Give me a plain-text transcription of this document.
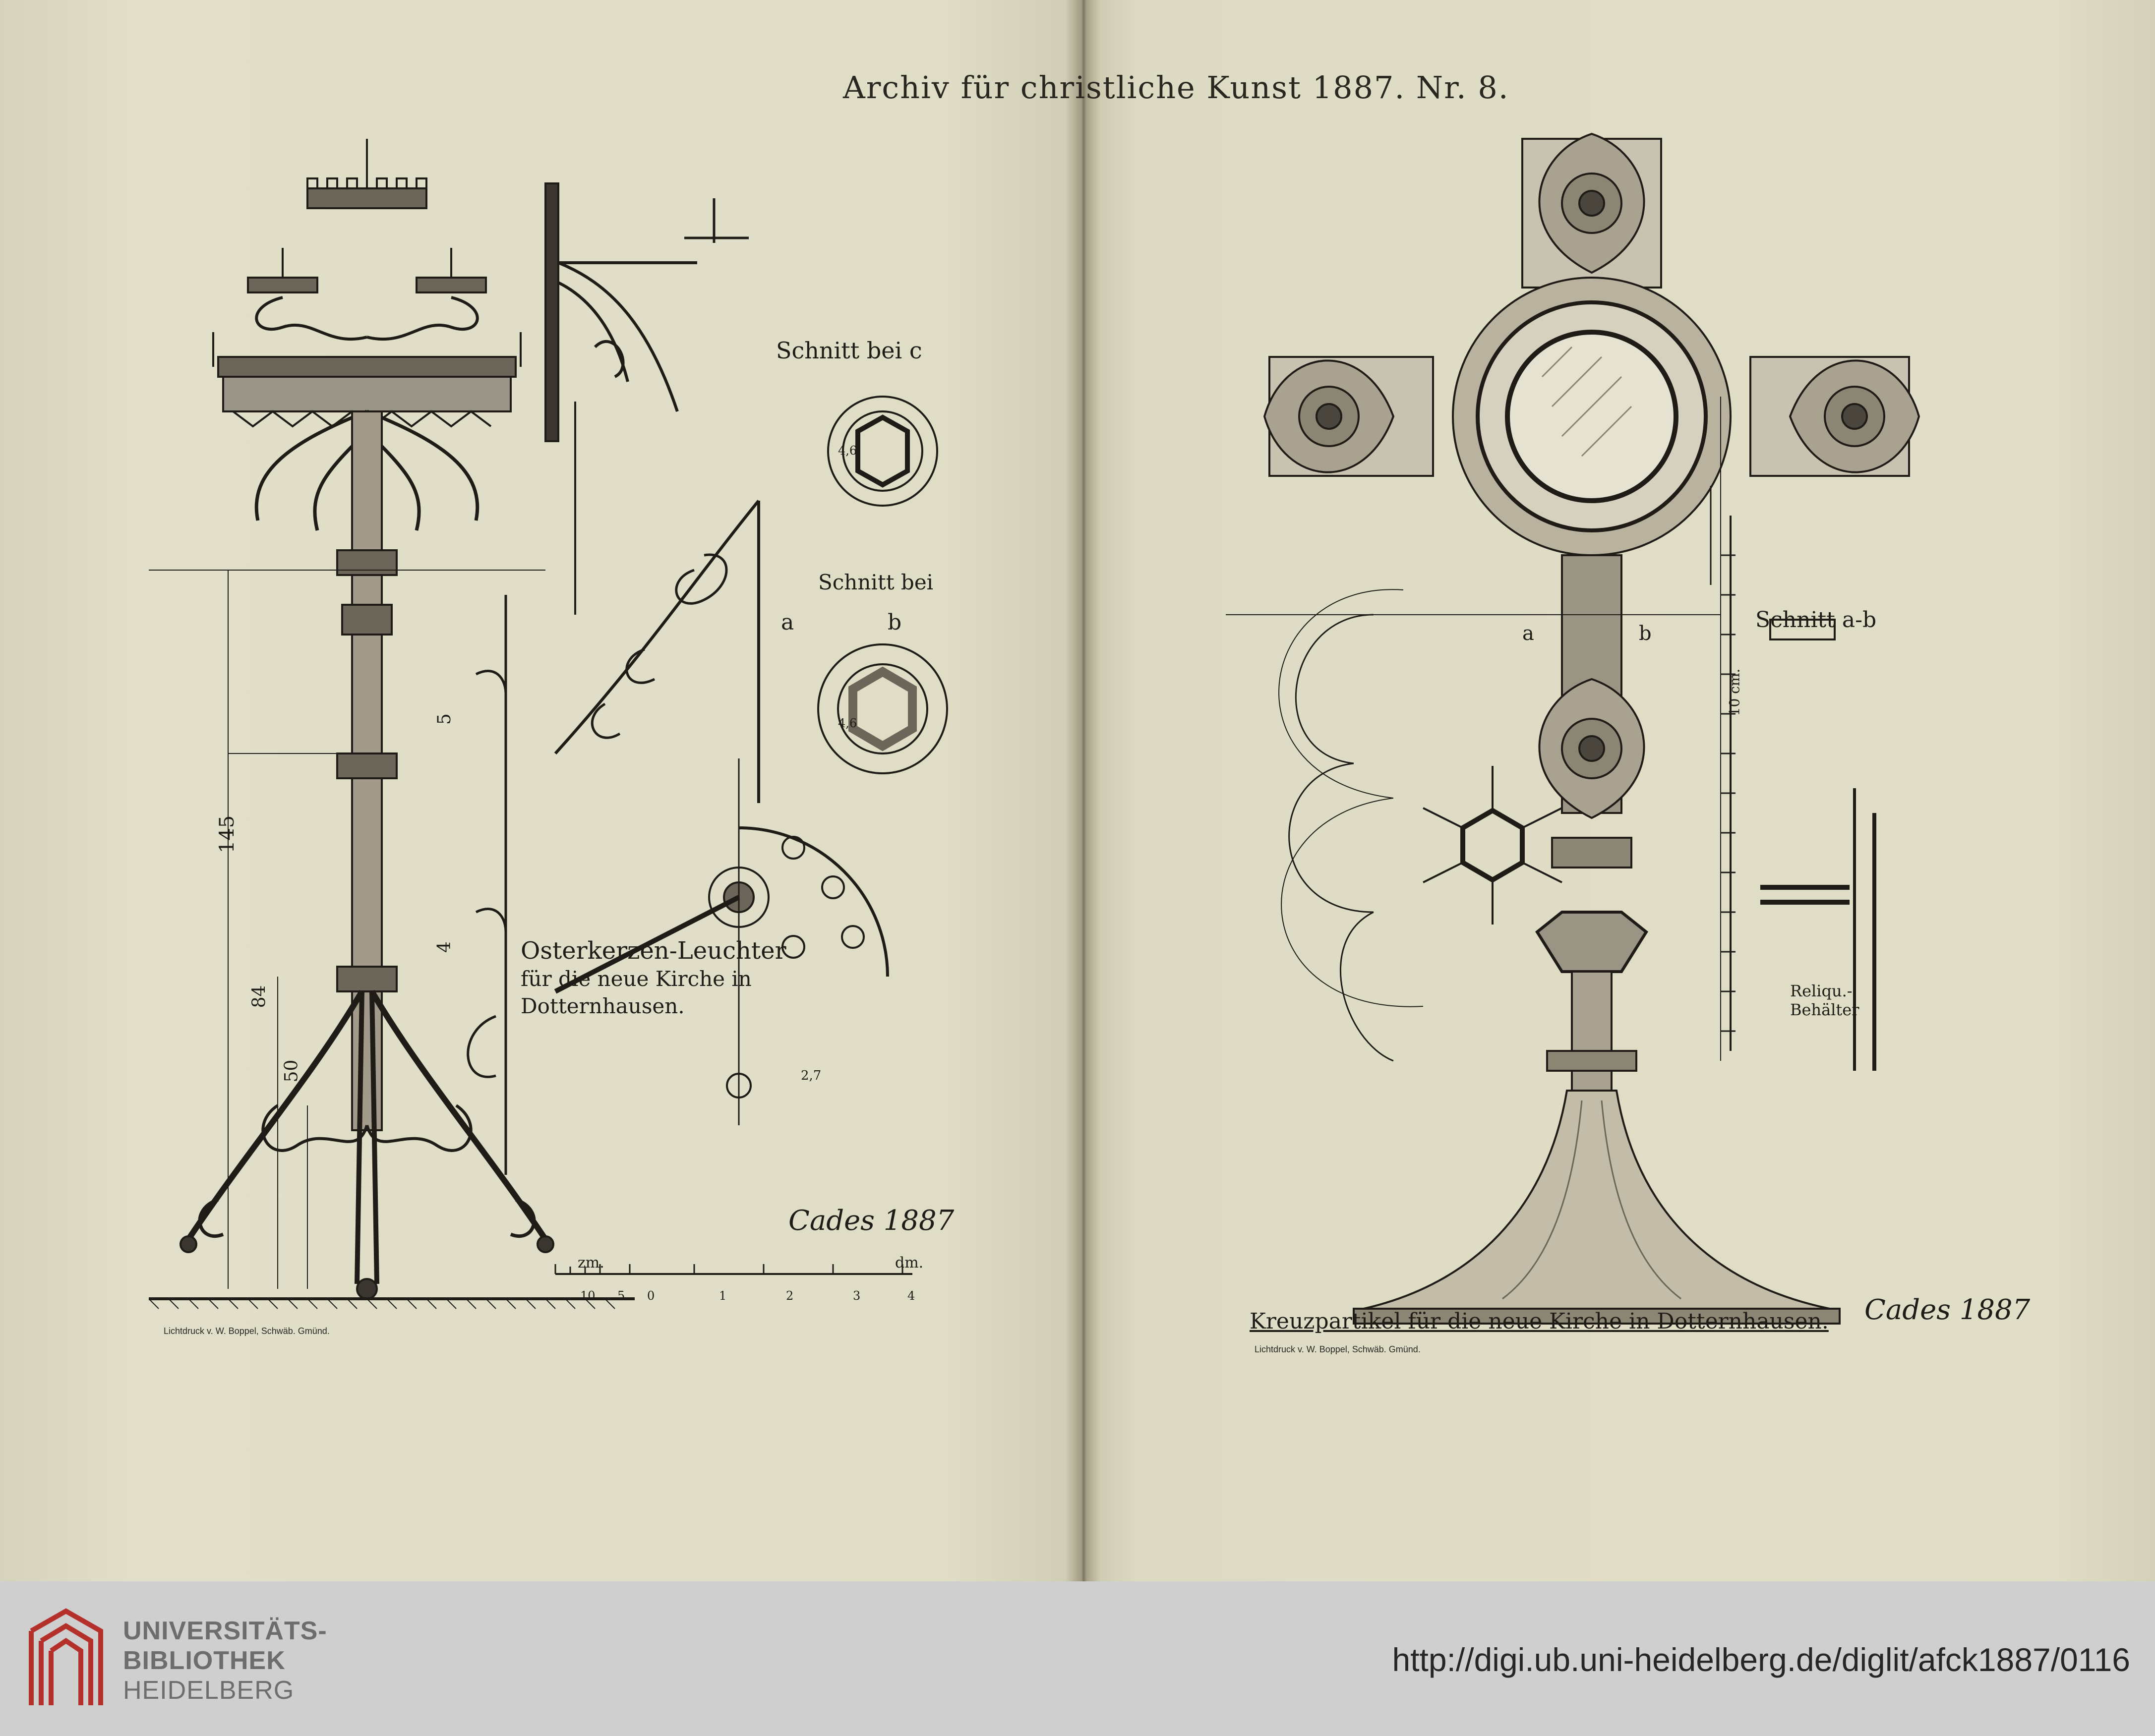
Archiv für christliche Kunst 1887. Nr. 8.
145
84
50
5
4
Schnitt bei c
Schnitt bei
a	b
4,6
4,6
2,7
Osterkerzen-Leuchter
für die neue Kirche in
Dotternhausen.
zm.	dm.
10 5 0	1	2	3	4
Cades 1887
Lichtdruck v. W. Boppel, Schwäb. Gmünd.
a	b
Schnitt a-b
Reliqu.-Behälter
10 cm.
Kreuzpartikel für die neue Kirche in Dotternhausen. Cades 1887
Lichtdruck v. W. Boppel, Schwäb. Gmünd.
UNIVERSITÄTS-
BIBLIOTHEK
HEIDELBERG
http://digi.ub.uni-heidelberg.de/diglit/afck1887/0116
